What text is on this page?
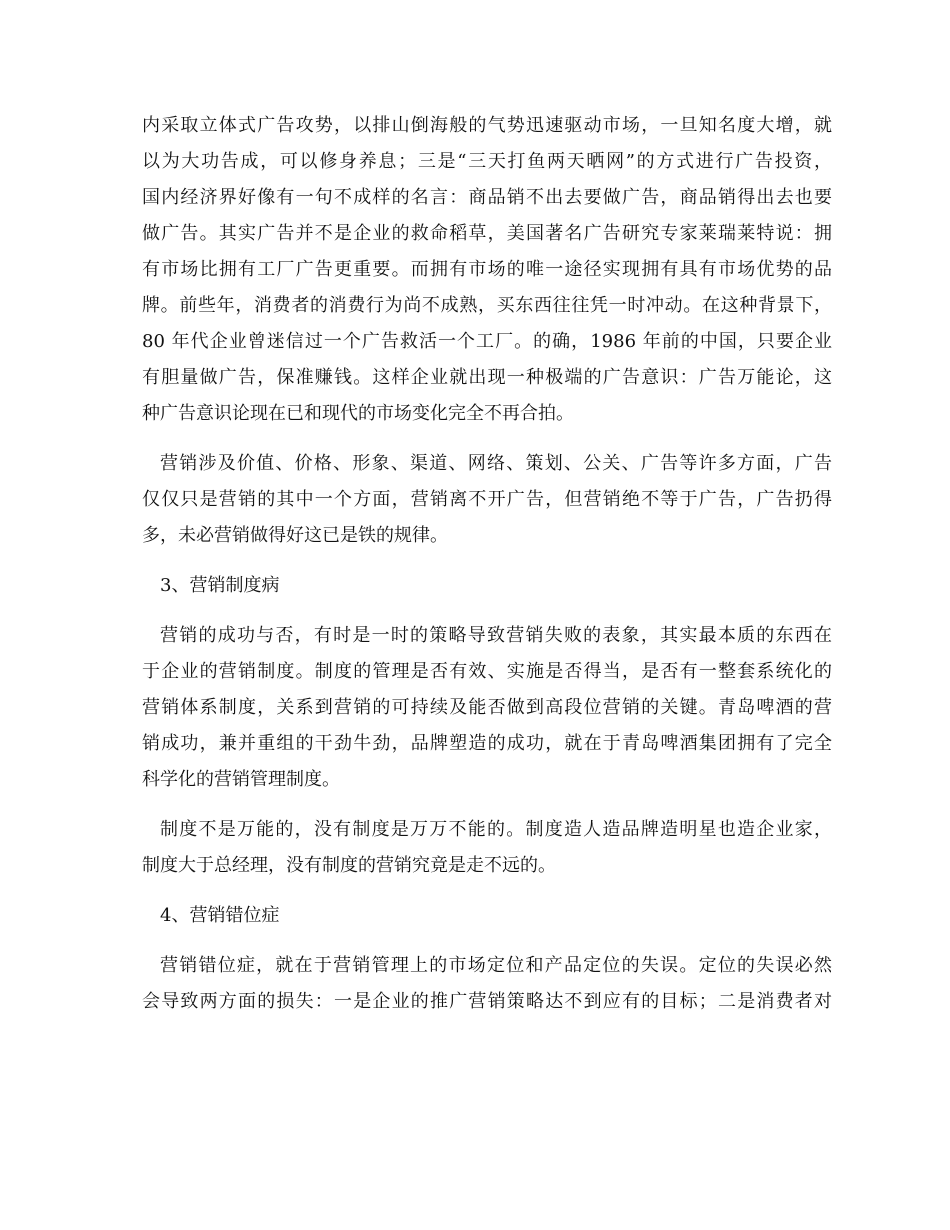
内采取立体式广告攻势，以排山倒海般的气势迅速驱动市场，一旦知名度大增，就
以为大功告成，可以修身养息；三是“三天打鱼两天晒网”的方式进行广告投资，
国内经济界好像有一句不成样的名言：商品销不出去要做广告，商品销得出去也要
做广告。其实广告并不是企业的救命稻草，美国著名广告研究专家莱瑞莱特说：拥
有市场比拥有工厂广告更重要。而拥有市场的唯一途径实现拥有具有市场优势的品
牌。前些年，消费者的消费行为尚不成熟，买东西往往凭一时冲动。在这种背景下，
80 年代企业曾迷信过一个广告救活一个工厂。的确，1986 年前的中国，只要企业
有胆量做广告，保准赚钱。这样企业就出现一种极端的广告意识：广告万能论，这
种广告意识论现在已和现代的市场变化完全不再合拍。
营销涉及价值、价格、形象、渠道、网络、策划、公关、广告等许多方面，广告
仅仅只是营销的其中一个方面，营销离不开广告，但营销绝不等于广告，广告扔得
多，未必营销做得好这已是铁的规律。
3、营销制度病
营销的成功与否，有时是一时的策略导致营销失败的表象，其实最本质的东西在
于企业的营销制度。制度的管理是否有效、实施是否得当，是否有一整套系统化的
营销体系制度，关系到营销的可持续及能否做到高段位营销的关键。青岛啤酒的营
销成功，兼并重组的干劲牛劲，品牌塑造的成功，就在于青岛啤酒集团拥有了完全
科学化的营销管理制度。
制度不是万能的，没有制度是万万不能的。制度造人造品牌造明星也造企业家，
制度大于总经理，没有制度的营销究竟是走不远的。
4、营销错位症
营销错位症，就在于营销管理上的市场定位和产品定位的失误。定位的失误必然
会导致两方面的损失：一是企业的推广营销策略达不到应有的目标；二是消费者对
